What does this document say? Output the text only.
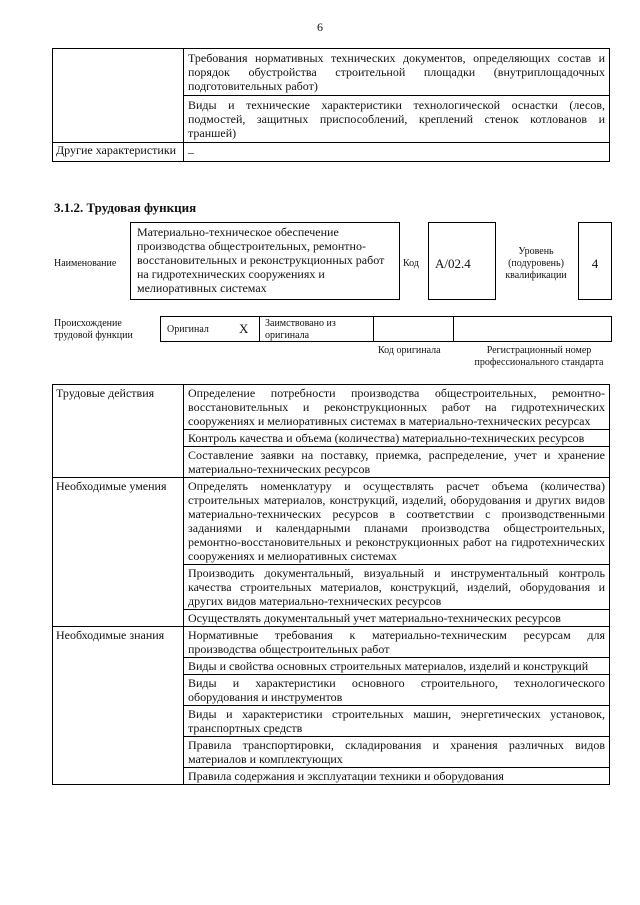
6
	Требования нормативных технических документов, определяющих состав и порядок обустройства строительной площадки (внутриплощадочных подготовительных работ)
	Виды и технические характеристики технологической оснастки (лесов, подмостей, защитных приспособлений, креплений стенок котлованов и траншей)
Другие характеристики	–
3.1.2. Трудовая функция
Наименование
Материально-техническое обеспечение производства общестроительных, ремонтно-восстановительных и реконструкционных работ на гидротехнических сооружениях и мелиоративных системах
Код	A/02.4
Уровень (подуровень) квалификации
4
Происхождение трудовой функции
Оригинал X Заимствовано из оригинала
Код оригинала	Регистрационный номер профессионального стандарта
Трудовые действия	Определение потребности производства общестроительных, ремонтно-восстановительных и реконструкционных работ на гидротехнических сооружениях и мелиоративных системах в материально-технических ресурсах
	Контроль качества и объема (количества) материально-технических ресурсов
	Составление заявки на поставку, приемка, распределение, учет и хранение материально-технических ресурсов
Необходимые умения	Определять номенклатуру и осуществлять расчет объема (количества) строительных материалов, конструкций, изделий, оборудования и других видов материально-технических ресурсов в соответствии с производственными заданиями и календарными планами производства общестроительных, ремонтно-восстановительных и реконструкционных работ на гидротехнических сооружениях и мелиоративных системах
	Производить документальный, визуальный и инструментальный контроль качества строительных материалов, конструкций, изделий, оборудования и других видов материально-технических ресурсов
	Осуществлять документальный учет материально-технических ресурсов
Необходимые знания	Нормативные требования к материально-техническим ресурсам для производства общестроительных работ
	Виды и свойства основных строительных материалов, изделий и конструкций
	Виды и характеристики основного строительного, технологического оборудования и инструментов
	Виды и характеристики строительных машин, энергетических установок, транспортных средств
	Правила транспортировки, складирования и хранения различных видов материалов и комплектующих
	Правила содержания и эксплуатации техники и оборудования
